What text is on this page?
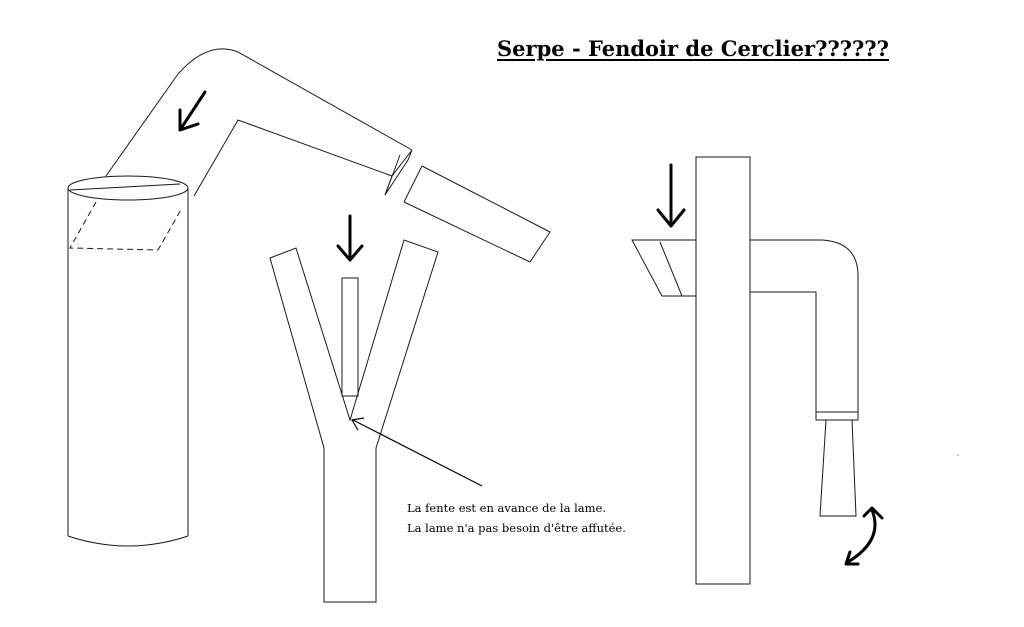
Serpe - Fendoir de Cerclier??????
La fente est en avance de la lame.
La lame n'a pas besoin d'être affutée.
